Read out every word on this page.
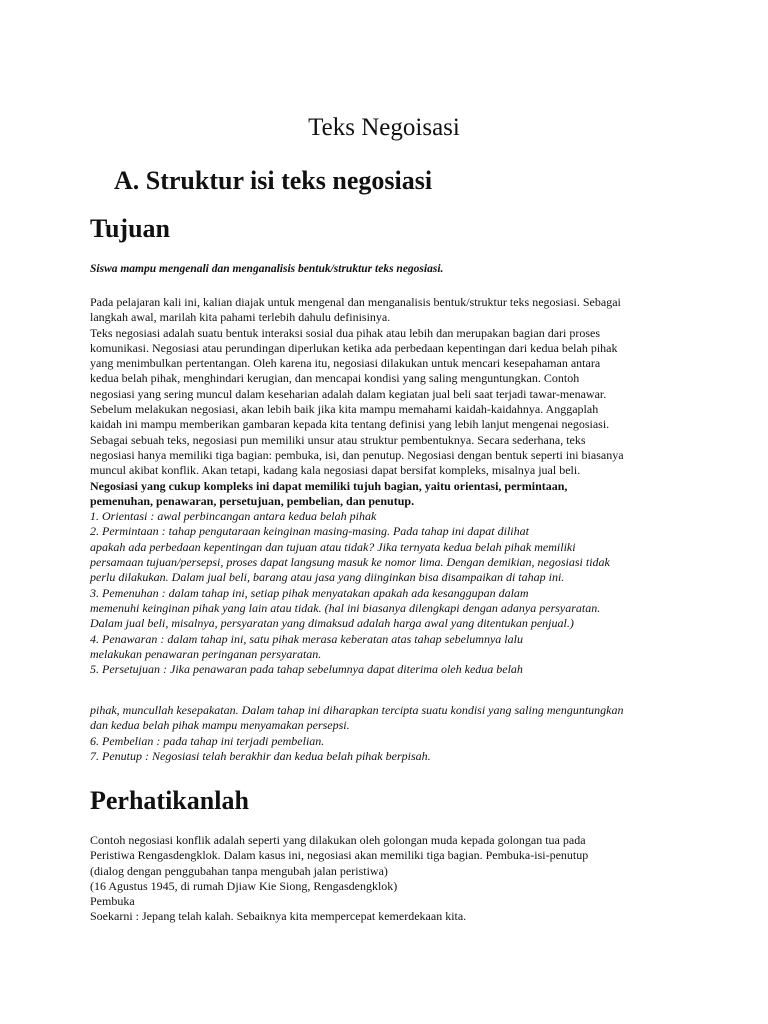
Teks Negoisasi
A. Struktur isi teks negosiasi
Tujuan

Siswa mampu mengenali dan menganalisis bentuk/struktur teks negosiasi.

Pada pelajaran kali ini, kalian diajak untuk mengenal dan menganalisis bentuk/struktur teks negosiasi. Sebagai
langkah awal, marilah kita pahami terlebih dahulu definisinya.
Teks negosiasi adalah suatu bentuk interaksi sosial dua pihak atau lebih dan merupakan bagian dari proses
komunikasi. Negosiasi atau perundingan diperlukan ketika ada perbedaan kepentingan dari kedua belah pihak
yang menimbulkan pertentangan. Oleh karena itu, negosiasi dilakukan untuk mencari kesepahaman antara
kedua belah pihak, menghindari kerugian, dan mencapai kondisi yang saling menguntungkan. Contoh
negosiasi yang sering muncul dalam keseharian adalah dalam kegiatan jual beli saat terjadi tawar-menawar.
Sebelum melakukan negosiasi, akan lebih baik jika kita mampu memahami kaidah-kaidahnya. Anggaplah
kaidah ini mampu memberikan gambaran kepada kita tentang definisi yang lebih lanjut mengenai negosiasi.
Sebagai sebuah teks, negosiasi pun memiliki unsur atau struktur pembentuknya. Secara sederhana, teks
negosiasi hanya memiliki tiga bagian: pembuka, isi, dan penutup. Negosiasi dengan bentuk seperti ini biasanya
muncul akibat konflik. Akan tetapi, kadang kala negosiasi dapat bersifat kompleks, misalnya jual beli.
Negosiasi yang cukup kompleks ini dapat memiliki tujuh bagian, yaitu orientasi, permintaan,
pemenuhan, penawaran, persetujuan, pembelian, dan penutup.
1. Orientasi : awal perbincangan antara kedua belah pihak
2. Permintaan : tahap pengutaraan keinginan masing-masing. Pada tahap ini dapat dilihat
apakah ada perbedaan kepentingan dan tujuan atau tidak? Jika ternyata kedua belah pihak memiliki
persamaan tujuan/persepsi, proses dapat langsung masuk ke nomor lima. Dengan demikian, negosiasi tidak
perlu dilakukan. Dalam jual beli, barang atau jasa yang diinginkan bisa disampaikan di tahap ini.
3. Pemenuhan : dalam tahap ini, setiap pihak menyatakan apakah ada kesanggupan dalam
memenuhi keinginan pihak yang lain atau tidak. (hal ini biasanya dilengkapi dengan adanya persyaratan.
Dalam jual beli, misalnya, persyaratan yang dimaksud adalah harga awal yang ditentukan penjual.)
4. Penawaran : dalam tahap ini, satu pihak merasa keberatan atas tahap sebelumnya lalu
melakukan penawaran peringanan persyaratan.
5. Persetujuan : Jika penawaran pada tahap sebelumnya dapat diterima oleh kedua belah
pihak, muncullah kesepakatan. Dalam tahap ini diharapkan tercipta suatu kondisi yang saling menguntungkan
dan kedua belah pihak mampu menyamakan persepsi.
6. Pembelian : pada tahap ini terjadi pembelian.
7. Penutup : Negosiasi telah berakhir dan kedua belah pihak berpisah.
Perhatikanlah
Contoh negosiasi konflik adalah seperti yang dilakukan oleh golongan muda kepada golongan tua pada
Peristiwa Rengasdengklok. Dalam kasus ini, negosiasi akan memiliki tiga bagian. Pembuka-isi-penutup
(dialog dengan penggubahan tanpa mengubah jalan peristiwa)
(16 Agustus 1945, di rumah Djiaw Kie Siong, Rengasdengklok)
Pembuka
Soekarni : Jepang telah kalah. Sebaiknya kita mempercepat kemerdekaan kita.
